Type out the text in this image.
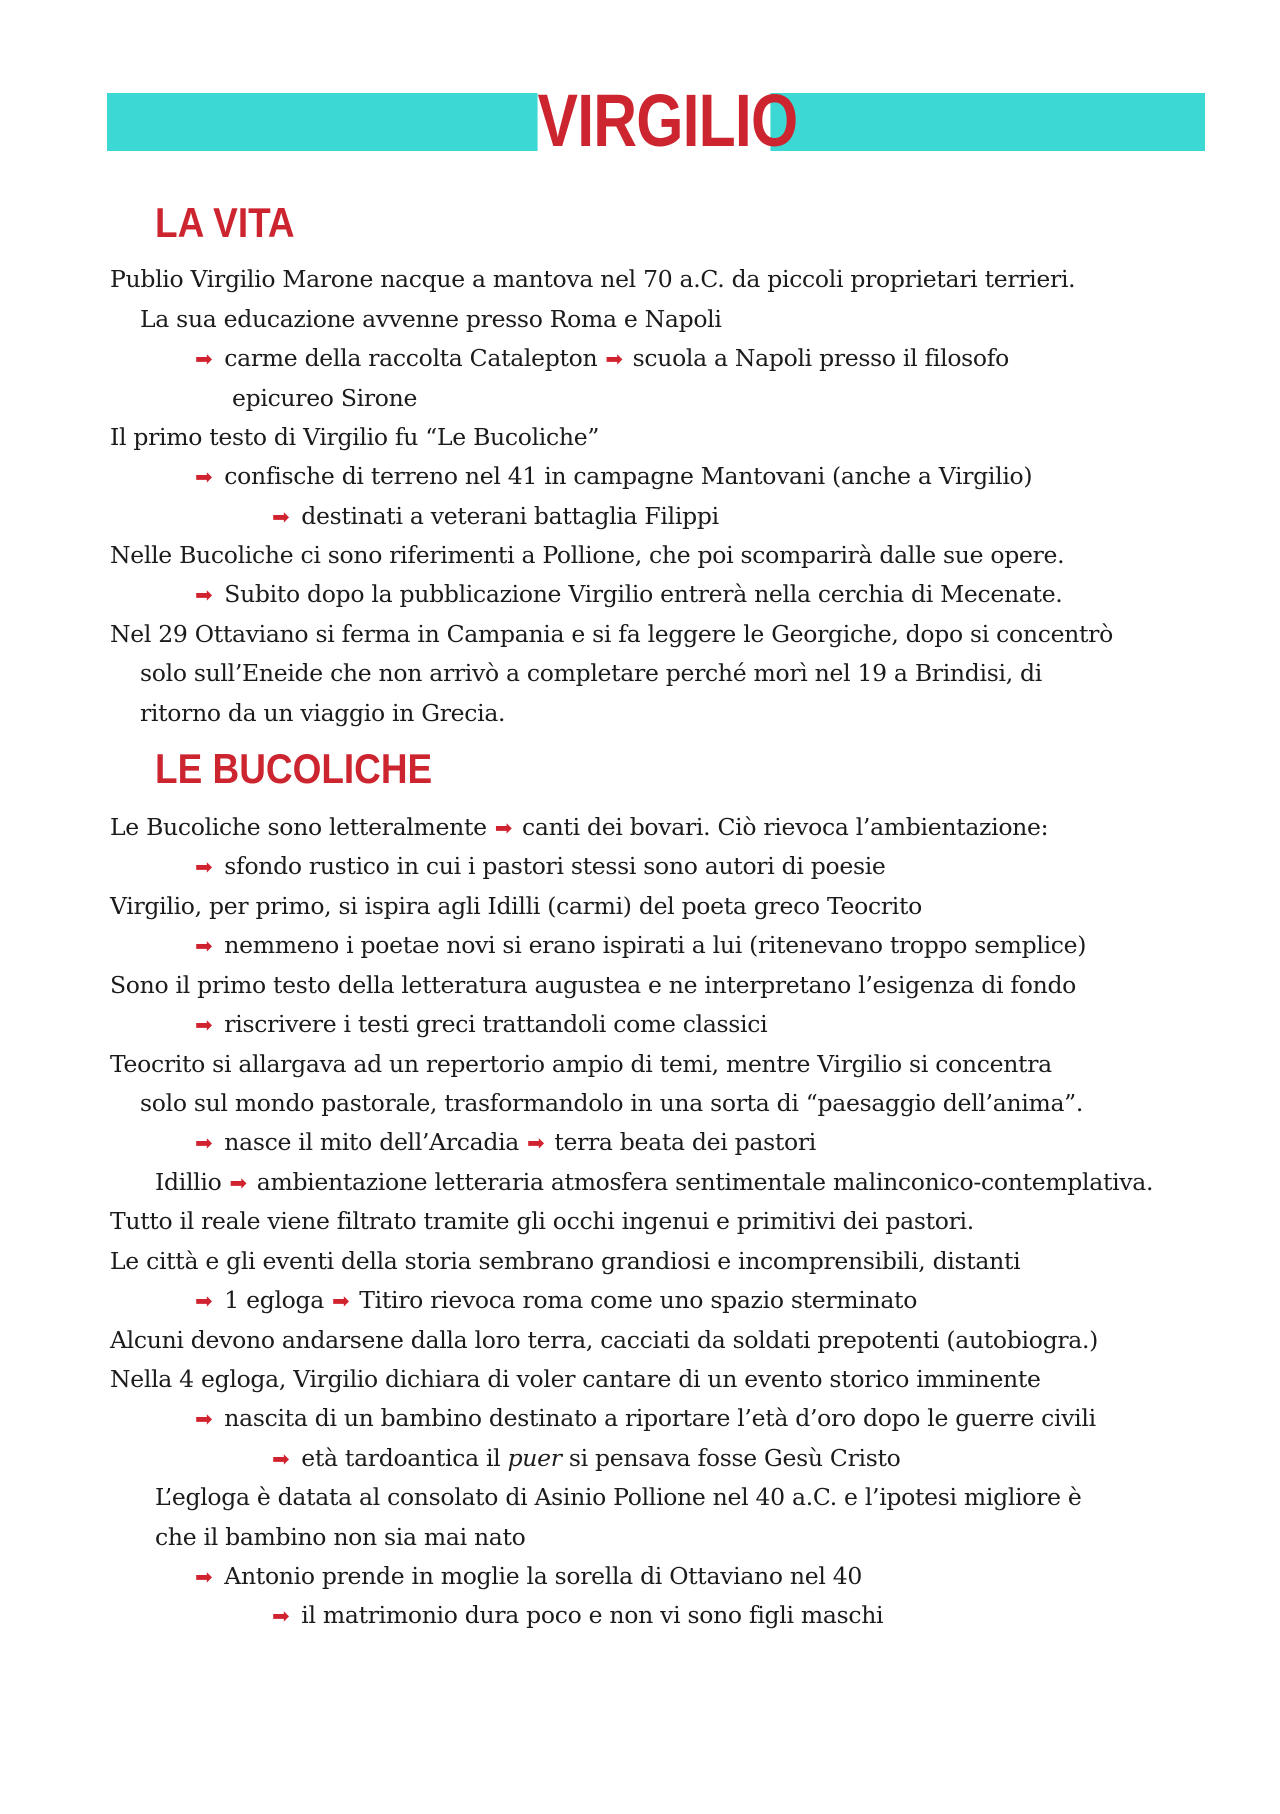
VIRGILIO
LA VITA
Publio Virgilio Marone nacque a mantova nel 70 a.C. da piccoli proprietari terrieri.
La sua educazione avvenne presso Roma e Napoli
➡ carme della raccolta Catalepton ➡ scuola a Napoli presso il filosofo
epicureo Sirone
Il primo testo di Virgilio fu “Le Bucoliche”
➡ confische di terreno nel 41 in campagne Mantovani (anche a Virgilio)
➡ destinati a veterani battaglia Filippi
Nelle Bucoliche ci sono riferimenti a Pollione, che poi scomparirà dalle sue opere.
➡ Subito dopo la pubblicazione Virgilio entrerà nella cerchia di Mecenate.
Nel 29 Ottaviano si ferma in Campania e si fa leggere le Georgiche, dopo si concentrò
solo sull’Eneide che non arrivò a completare perché morì nel 19 a Brindisi, di
ritorno da un viaggio in Grecia.
LE BUCOLICHE
Le Bucoliche sono letteralmente ➡ canti dei bovari. Ciò rievoca l’ambientazione:
➡ sfondo rustico in cui i pastori stessi sono autori di poesie
Virgilio, per primo, si ispira agli Idilli (carmi) del poeta greco Teocrito
➡ nemmeno i poetae novi si erano ispirati a lui (ritenevano troppo semplice)
Sono il primo testo della letteratura augustea e ne interpretano l’esigenza di fondo
➡ riscrivere i testi greci trattandoli come classici
Teocrito si allargava ad un repertorio ampio di temi, mentre Virgilio si concentra
solo sul mondo pastorale, trasformandolo in una sorta di “paesaggio dell’anima”.
➡ nasce il mito dell’Arcadia ➡ terra beata dei pastori
Idillio ➡ ambientazione letteraria atmosfera sentimentale malinconico-contemplativa.
Tutto il reale viene filtrato tramite gli occhi ingenui e primitivi dei pastori.
Le città e gli eventi della storia sembrano grandiosi e incomprensibili, distanti
➡ 1 egloga ➡ Titiro rievoca roma come uno spazio sterminato
Alcuni devono andarsene dalla loro terra, cacciati da soldati prepotenti (autobiogra.)
Nella 4 egloga, Virgilio dichiara di voler cantare di un evento storico imminente
➡ nascita di un bambino destinato a riportare l’età d’oro dopo le guerre civili
➡ età tardoantica il puer si pensava fosse Gesù Cristo
L’egloga è datata al consolato di Asinio Pollione nel 40 a.C. e l’ipotesi migliore è
che il bambino non sia mai nato
➡ Antonio prende in moglie la sorella di Ottaviano nel 40
➡ il matrimonio dura poco e non vi sono figli maschi
